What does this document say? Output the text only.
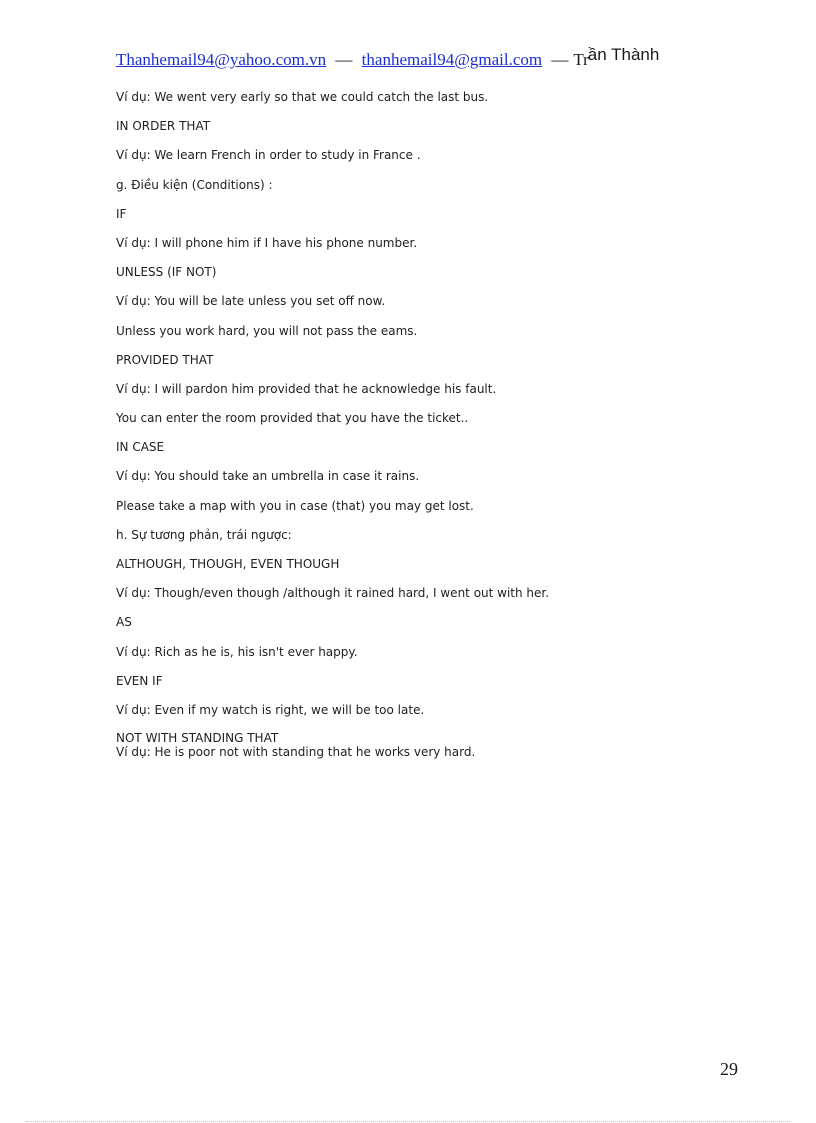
Thanhemail94@yahoo.com.vn — thanhemail94@gmail.com — Trần Thành

Ví dụ: We went very early so that we could catch the last bus.

IN ORDER THAT

Ví dụ: We learn French in order to study in France .

g. Điều kiện (Conditions) :

IF

Ví dụ: I will phone him if I have his phone number.

UNLESS (IF NOT)

Ví dụ: You will be late unless you set off now.

Unless you work hard, you will not pass the eams.

PROVIDED THAT

Ví dụ: I will pardon him provided that he acknowledge his fault.

You can enter the room provided that you have the ticket..

IN CASE

Ví dụ: You should take an umbrella in case it rains.

Please take a map with you in case (that) you may get lost.

h. Sự tương phản, trái ngược:

ALTHOUGH, THOUGH, EVEN THOUGH

Ví dụ: Though/even though /although it rained hard, I went out with her.

AS

Ví dụ: Rich as he is, his isn't ever happy.

EVEN IF

Ví dụ: Even if my watch is right, we will be too late.

NOT WITH STANDING THAT

Ví dụ: He is poor not with standing that he works very hard.

29
